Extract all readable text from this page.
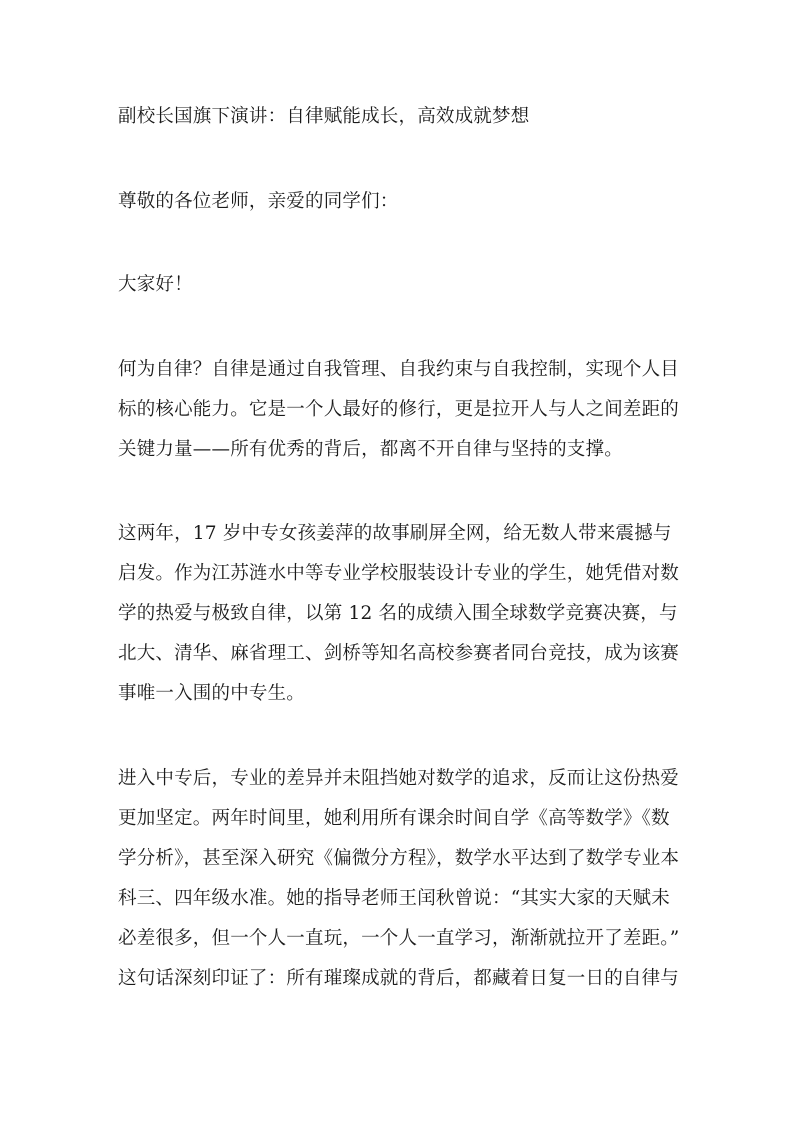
副校长国旗下演讲：自律赋能成长，高效成就梦想
尊敬的各位老师，亲爱的同学们：
大家好！
何为自律？自律是通过自我管理、自我约束与自我控制，实现个人目
标的核心能力。它是一个人最好的修行，更是拉开人与人之间差距的
关键力量——所有优秀的背后，都离不开自律与坚持的支撑。
这两年，17 岁中专女孩姜萍的故事刷屏全网，给无数人带来震撼与
启发。作为江苏涟水中等专业学校服装设计专业的学生，她凭借对数
学的热爱与极致自律，以第 12 名的成绩入围全球数学竞赛决赛，与
北大、清华、麻省理工、剑桥等知名高校参赛者同台竞技，成为该赛
事唯一入围的中专生。
进入中专后，专业的差异并未阻挡她对数学的追求，反而让这份热爱
更加坚定。两年时间里，她利用所有课余时间自学《高等数学》《数
学分析》，甚至深入研究《偏微分方程》，数学水平达到了数学专业本
科三、四年级水准。她的指导老师王闰秋曾说：“其实大家的天赋未
必差很多，但一个人一直玩，一个人一直学习，渐渐就拉开了差距。”
这句话深刻印证了：所有璀璨成就的背后，都藏着日复一日的自律与
